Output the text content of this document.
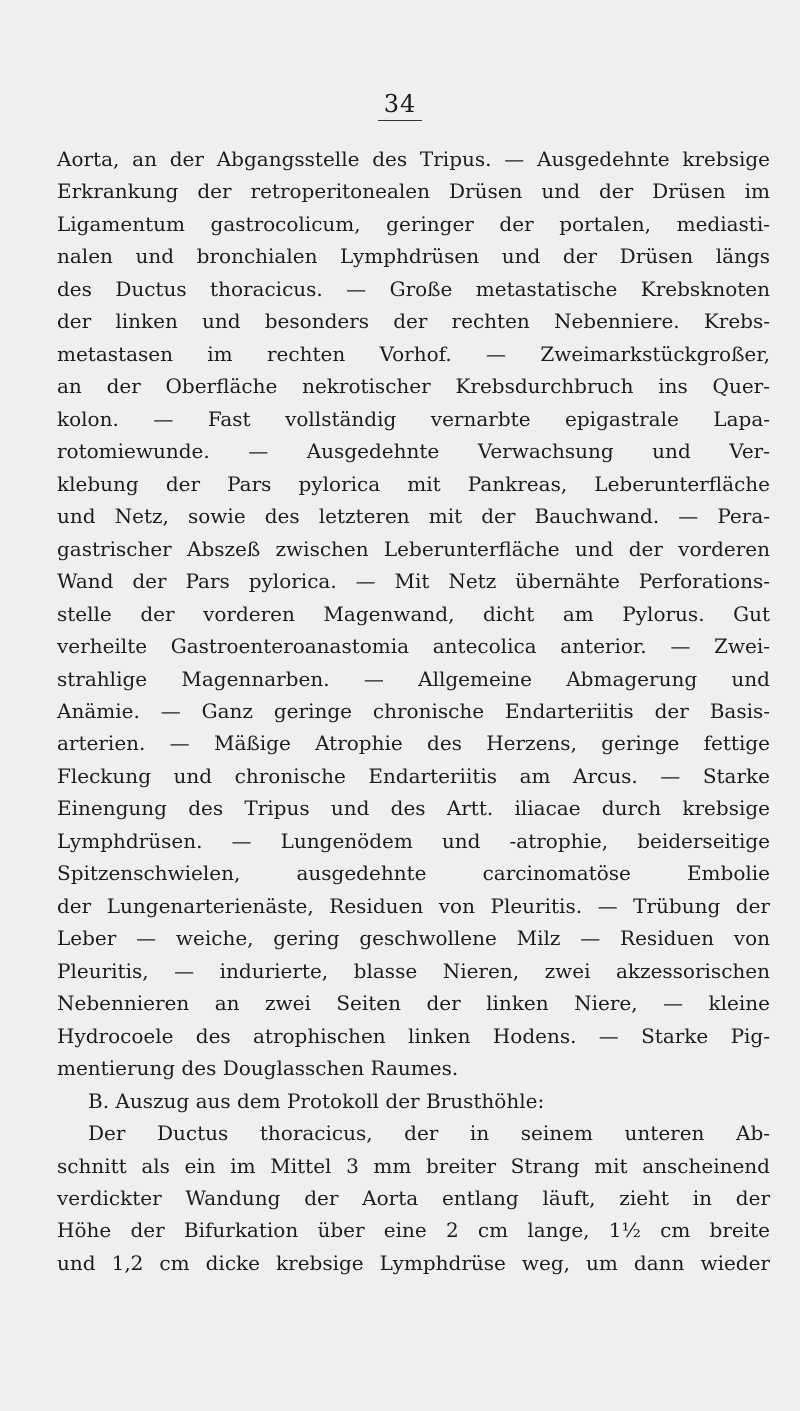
34
Aorta, an der Abgangsstelle des Tripus. — Ausgedehnte krebsige
Erkrankung der retroperitonealen Drüsen und der Drüsen im
Ligamentum gastrocolicum, geringer der portalen, mediasti-
nalen und bronchialen Lymphdrüsen und der Drüsen längs
des Ductus thoracicus. — Große metastatische Krebsknoten
der linken und besonders der rechten Nebenniere. Krebs-
metastasen im rechten Vorhof. — Zweimarkstückgroßer,
an der Oberfläche nekrotischer Krebsdurchbruch ins Quer-
kolon. — Fast vollständig vernarbte epigastrale Lapa-
rotomiewunde. — Ausgedehnte Verwachsung und Ver-
klebung der Pars pylorica mit Pankreas, Leberunterfläche
und Netz, sowie des letzteren mit der Bauchwand. — Pera-
gastrischer Abszeß zwischen Leberunterfläche und der vorderen
Wand der Pars pylorica. — Mit Netz übernähte Perforations-
stelle der vorderen Magenwand, dicht am Pylorus. Gut
verheilte Gastroenteroanastomia antecolica anterior. — Zwei-
strahlige Magennarben. — Allgemeine Abmagerung und
Anämie. — Ganz geringe chronische Endarteriitis der Basis-
arterien. — Mäßige Atrophie des Herzens, geringe fettige
Fleckung und chronische Endarteriitis am Arcus. — Starke
Einengung des Tripus und des Artt. iliacae durch krebsige
Lymphdrüsen. — Lungenödem und -atrophie, beiderseitige
Spitzenschwielen, ausgedehnte carcinomatöse Embolie
der Lungenarterienäste, Residuen von Pleuritis. — Trübung der
Leber — weiche, gering geschwollene Milz — Residuen von
Pleuritis, — indurierte, blasse Nieren, zwei akzessorischen
Nebennieren an zwei Seiten der linken Niere, — kleine
Hydrocoele des atrophischen linken Hodens. — Starke Pig-
mentierung des Douglasschen Raumes.
B. Auszug aus dem Protokoll der Brusthöhle:
Der Ductus thoracicus, der in seinem unteren Ab-
schnitt als ein im Mittel 3 mm breiter Strang mit anscheinend
verdickter Wandung der Aorta entlang läuft, zieht in der
Höhe der Bifurkation über eine 2 cm lange, 1½ cm breite
und 1,2 cm dicke krebsige Lymphdrüse weg, um dann wieder
